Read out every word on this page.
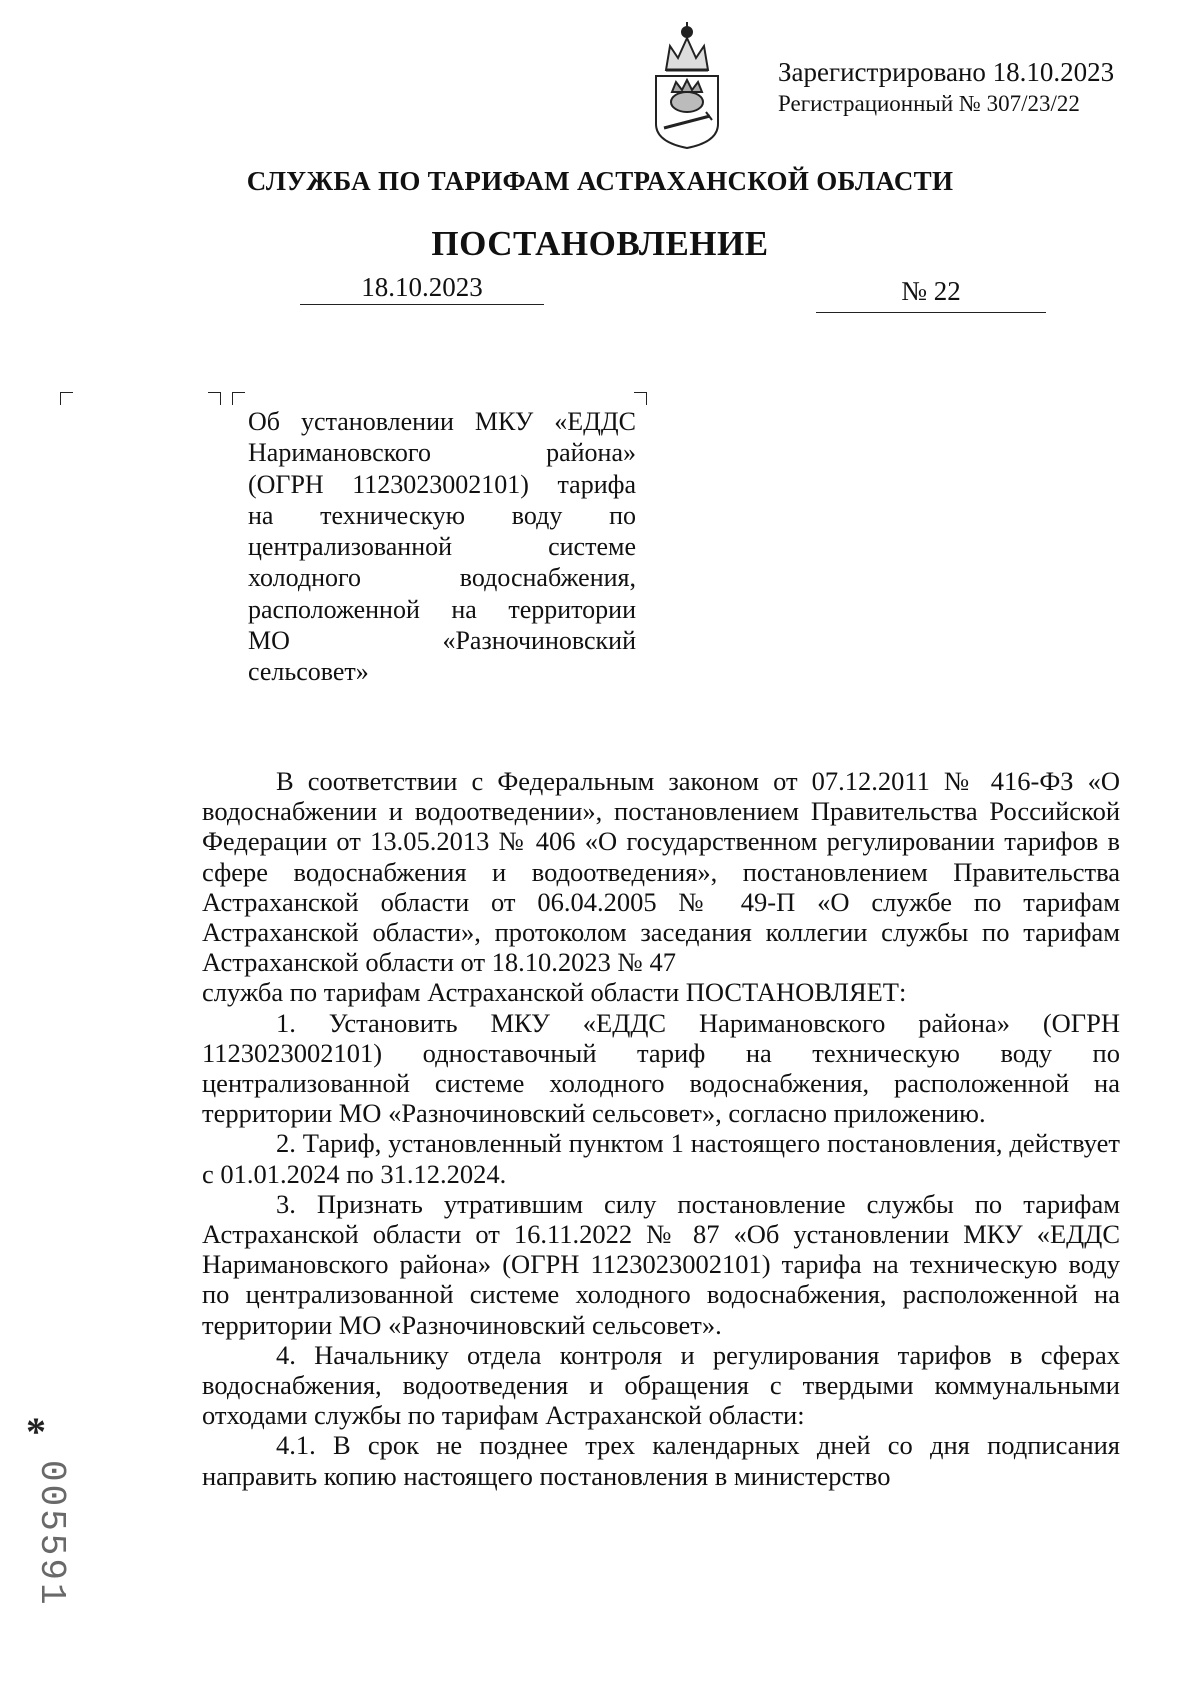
Зарегистрировано 18.10.2023
Регистрационный № 307/23/22
СЛУЖБА ПО ТАРИФАМ АСТРАХАНСКОЙ ОБЛАСТИ
ПОСТАНОВЛЕНИЕ
18.10.2023	№ 22
Об установлении МКУ «ЕДДС
Наримановского района»
(ОГРН 1123023002101) тарифа
на техническую воду по
централизованной системе
холодного водоснабжения,
расположенной на территории
МО «Разночиновский
сельсовет»

В соответствии с Федеральным законом от 07.12.2011 № 416-ФЗ «О водоснабжении и водоотведении», постановлением Правительства Российской Федерации от 13.05.2013 № 406 «О государственном регулировании тарифов в сфере водоснабжения и водоотведения», постановлением Правительства Астраханской области от 06.04.2005 № 49-П «О службе по тарифам Астраханской области», протоколом заседания коллегии службы по тарифам Астраханской области от 18.10.2023 № 47

служба по тарифам Астраханской области ПОСТАНОВЛЯЕТ:

1. Установить МКУ «ЕДДС Наримановского района» (ОГРН 1123023002101) одноставочный тариф на техническую воду по централизованной системе холодного водоснабжения, расположенной на территории МО «Разночиновский сельсовет», согласно приложению.

2. Тариф, установленный пунктом 1 настоящего постановления, действует с 01.01.2024 по 31.12.2024.

3. Признать утратившим силу постановление службы по тарифам Астраханской области от 16.11.2022 № 87 «Об установлении МКУ «ЕДДС Наримановского района» (ОГРН 1123023002101) тарифа на техническую воду по централизованной системе холодного водоснабжения, расположенной на территории МО «Разночиновский сельсовет».

4. Начальнику отдела контроля и регулирования тарифов в сферах водоснабжения, водоотведения и обращения с твердыми коммунальными отходами службы по тарифам Астраханской области:

4.1. В срок не позднее трех календарных дней со дня подписания направить копию настоящего постановления в министерство

*
005591
